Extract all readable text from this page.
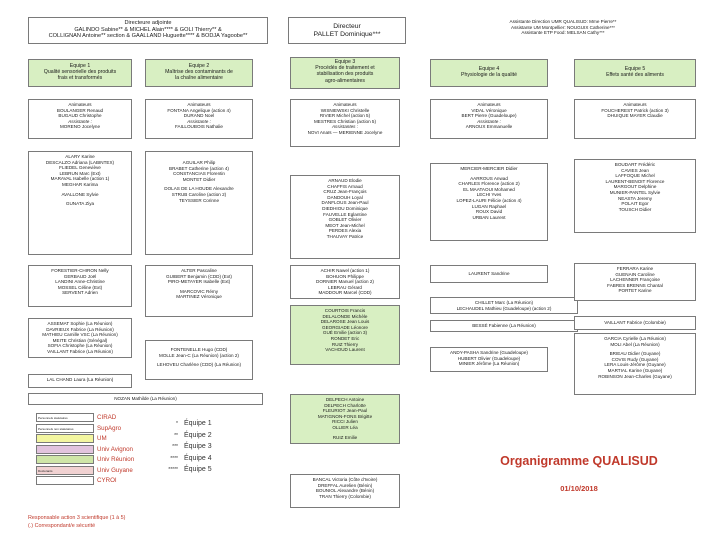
Directeure adjointe
GALINDO Sabine** & MICHEL Alain**** & GOLI Thierry** &
COLLIGNAN Antoine** section & GAALLAND Huguette**** & BODJA Yagoobe**
Directeur
PALLET Dominique***
Assistante Direction UMR QUALISUD: Mme Pierre**
Assistante UM Montpellier: NOUGUIX Catherine***
Assistante ETP Food: MELSAN Cathy***
Equipe 1
Qualité sensorielle des produits
frais et transformés
Equipe 2
Maîtrise des contaminants de
la chaîne alimentaire
Equipe 3
Procédés de traitement et
stabilisation des produits
agro-alimentaires
Equipe 4
Physiologie de la qualité
Equipe 5
Effets santé des aliments
Animateurs
BOULANGER Renaud
BUGAUD Christophe
Assistante :
MORENO Jocelyne
Animateurs
FONTANA Angelique (action 4)
DURAND Noel
Assistante :
FAILLOUBOIS Nathalie
Animateurs
WISNIEWSKI Christelle
RIVIER Michel (action 5)
MESTRES Christian (action 5)
Assistantes :
NOVI Anaïs — MERIENNE Jocelyne
Animateurs
VIDAL Véronique
BERT Pierre (Guadeloupe)
Assistante :
ARNOUX Emmanuelle
Animateurs
FOUCHEREST Patrick (action 3)
DHUIQUE MAYER Claudie
ALARY Karine
DESCALZO Adriana (LABINTEX)
FLIEDEL Geneviève
LEBRUN Marc (Ext)
MARAVAL Isabelle (action 1)
MEGHAR Karima
AVALLONE Sylvie
GUNATA Ziya
FORESTIER-CHIRON Nelly
GERBAUD Joël
LANDINI Anne-Christine
MOSSEL Céline (Ext)
SERVENT Adrien
ASSEMAT Sophie (La Réunion)
DAVRIEUX Fabrice (La Réunion)
MATHIEU Camille VSC (La Réunion)
MEITE Christian (Sénégal)
SOFIA Christophe (La Réunion)
VAILLANT Fabrice (La Réunion)
LAL CHAND Laura (La Réunion)
NOZAN Mathilde (La Réunion)
AGUILAR Philip
BRABET Catherine (action 4)
CONSTANCIAS Florentin
MONTET Didier
DOLAS DE LA HOUDE Alexandre
STRUB Caroline (action 2)
TEYSSIER Corinne
ALTER Pascaline
GUIBERT Benjamin (CDD) (Ext)
PIRO-METAYER Isabelle (Ext)
MARCOVIC Rémy
MARTINEZ Véronique
FONTENELLE Hugo (CDD)
MOLLE Jean-C (La Réunion) (action 2)
LEHOVEU Charlène (CDD) (La Réunion)
ARNAUD Elodie
CHAFFIS Arnaud
CRUZ Jean-François
DANDOUH Loyal
DANFLOUS Jean-Paul
DIEDHIOU Dominique
FAUVELLE Eglantine
GOBLET Olivier
MEOT Jean-Michel
PERDES Alexia
THAUVAY Patrice
ACHIR Nawel (action 1)
BOHUON Philippe
DORNIER Manuel (action 2)
LEBRAU Gérard
MADDOUR Marcel (CDD)
COURTOIS Francis
DELALONDE Michèle
DELAROSE Jean Louis
GEORGIADE Léonore
GUÉ Emilie (action 3)
RONDET Eric
RUIZ Thierry
VACHOUD Laurent
DELPECH Antoine
DELPECH Charlotte
FLEURIOT Jean-Paul
MATIGNON-FONS Brigitte
RICCI Julien
OLLIER Léa
RUIZ Emilie
BANCAL Victoria (Côte d'Ivoire)
DREFFAL Aurelien (Bénin)
BOUNIOL Alexandre (Bénin)
TRAN Thierry (Colombie)
MERCIER-MERCIER Didier
AARROUS Anwad
CHARLES Florence (action 2)
EL MAATAOUI Mohamed
LECHI Yves
LOPEZ-LAURI Félicie (action 4)
LUGAN Raphael
ROUX David
URBAN Laurent
LAURENT Sandrine
CHILLET Marc (La Réunion)
LECHAUDEL Mathieu (Guadeloupe) (action 2)
BESSÉ Fabienne (La Réunion)
ANDY-PASHA Sandrine (Guadeloupe)
HUBERT Olivier (Guadeloupe)
MINIER Jérôme (La Réunion)
BOUDART Frédéric
CAVIES Jean
LAFFOQUE Michel
LAURENT-BENOIT Florence
MARGOUT Delphine
MUNIER-PANTEL Sylvie
NEASTA Jeremy
POLAIT Egor
TOUSCH Didier
FERRARA Karine
GUENAIN Caroline
LACHENNER Françoise
FABRES BRENNS Chantal
PORTET Karine
VAILLANT Fabrice (Colombie)
GARCIA Cyrielle (La Réunion)
MOLI Abel (La Réunion)
BRIEAU Didier (Guyane)
COVIS Rudy (Guyane)
LERA Louis-Jérôme (Guyane)
MARTIAL Karine (Guyane)
ROBINSON Jean-Charles (Guyane)
Personnels statutaires	CIRAD
Personnels non statutaires	SupAgro
UM
Univ Avignon
Univ Réunion
Doctorants	Univ Guyane
CYROI
* Équipe 1
** Équipe 2
*** Équipe 3
**** Équipe 4
***** Équipe 5
Responsable action 3 scientifique (1 à 5)
(.) Correspondant/e sécurité
Organigramme QUALISUD
01/10/2018
